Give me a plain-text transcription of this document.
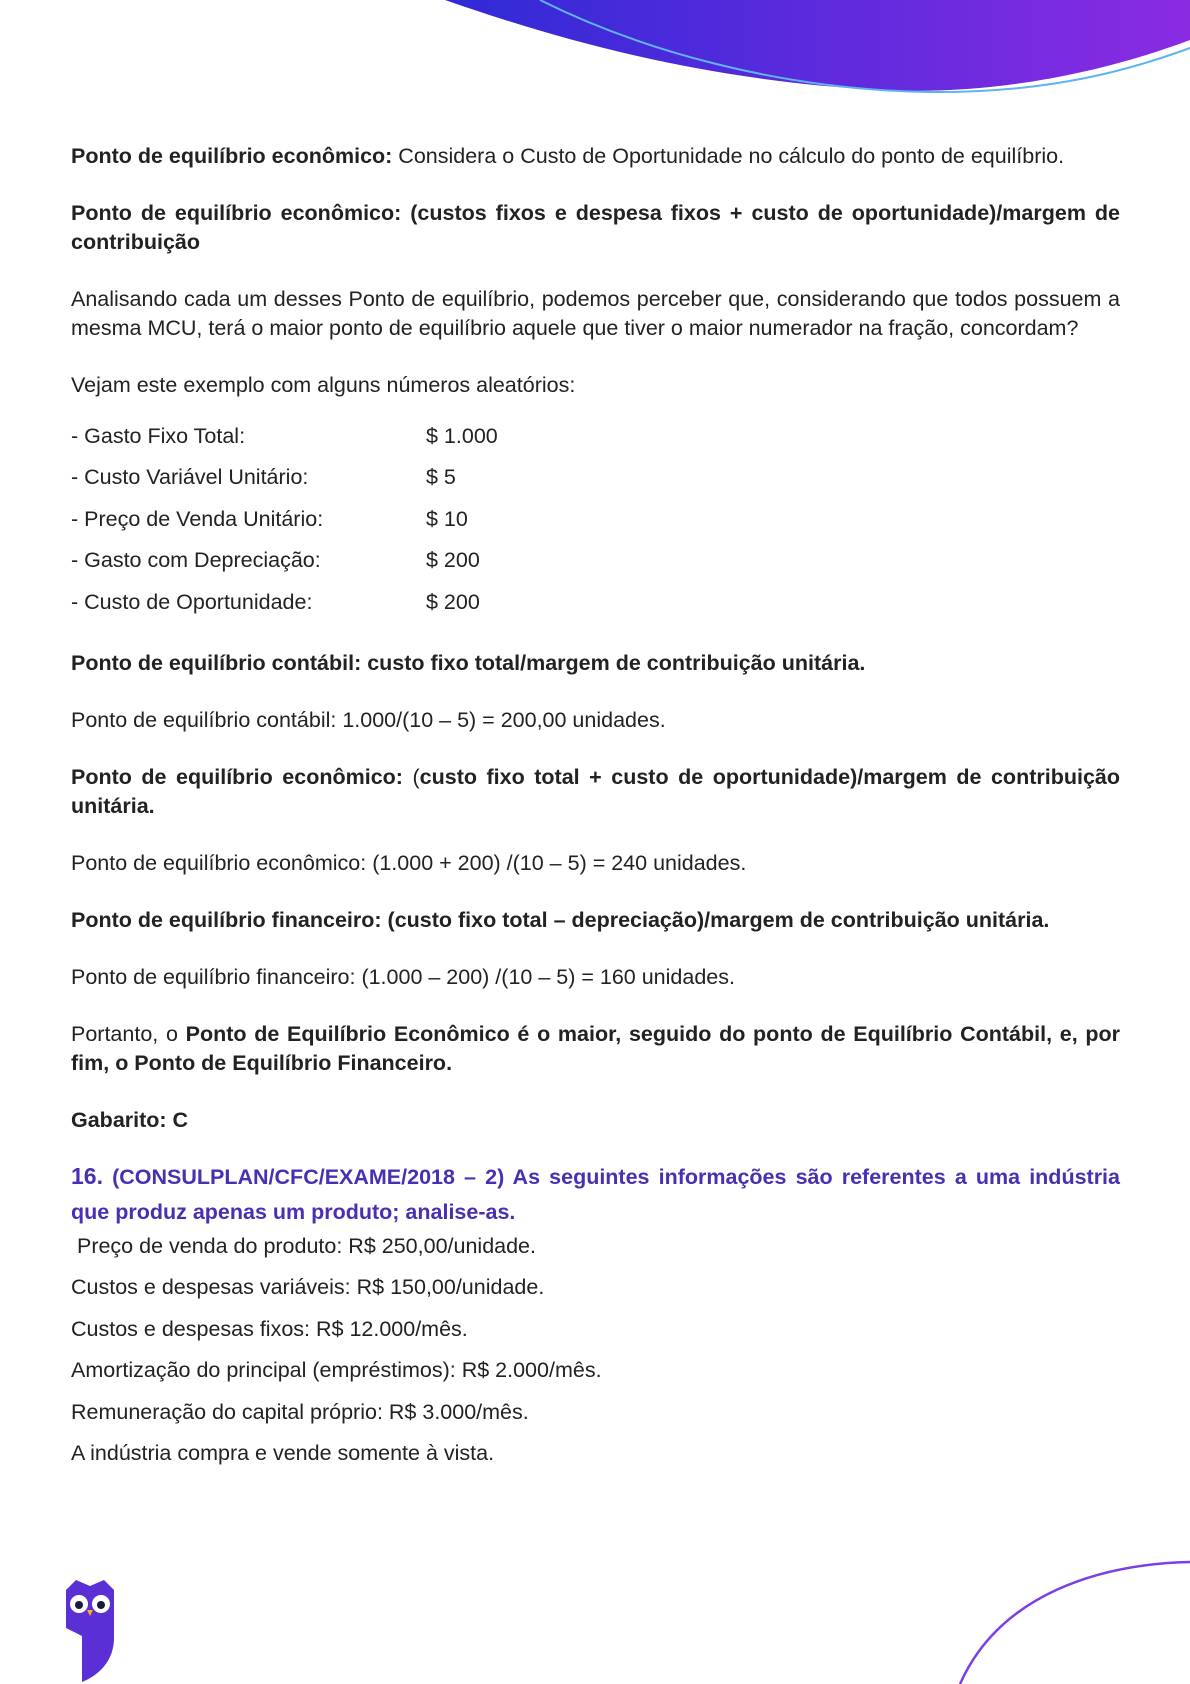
Ponto de equilíbrio econômico: Considera o Custo de Oportunidade no cálculo do ponto de equilíbrio.

Ponto de equilíbrio econômico: (custos fixos e despesa fixos + custo de oportunidade)/margem de contribuição

Analisando cada um desses Ponto de equilíbrio, podemos perceber que, considerando que todos possuem a mesma MCU, terá o maior ponto de equilíbrio aquele que tiver o maior numerador na fração, concordam?

Vejam este exemplo com alguns números aleatórios:

- Gasto Fixo Total:	$ 1.000
- Custo Variável Unitário:	$ 5
- Preço de Venda Unitário:	$ 10
- Gasto com Depreciação:	$ 200
- Custo de Oportunidade:	$ 200

Ponto de equilíbrio contábil: custo fixo total/margem de contribuição unitária.

Ponto de equilíbrio contábil: 1.000/(10 – 5) = 200,00 unidades.

Ponto de equilíbrio econômico: (custo fixo total + custo de oportunidade)/margem de contribuição unitária.

Ponto de equilíbrio econômico: (1.000 + 200) /(10 – 5) = 240 unidades.

Ponto de equilíbrio financeiro: (custo fixo total – depreciação)/margem de contribuição unitária.

Ponto de equilíbrio financeiro: (1.000 – 200) /(10 – 5) = 160 unidades.

Portanto, o Ponto de Equilíbrio Econômico é o maior, seguido do ponto de Equilíbrio Contábil, e, por fim, o Ponto de Equilíbrio Financeiro.

Gabarito: C

16. (CONSULPLAN/CFC/EXAME/2018 – 2) As seguintes informações são referentes a uma indústria que produz apenas um produto; analise-as.

Preço de venda do produto: R$ 250,00/unidade.

Custos e despesas variáveis: R$ 150,00/unidade.

Custos e despesas fixos: R$ 12.000/mês.

Amortização do principal (empréstimos): R$ 2.000/mês.

Remuneração do capital próprio: R$ 3.000/mês.

A indústria compra e vende somente à vista.
